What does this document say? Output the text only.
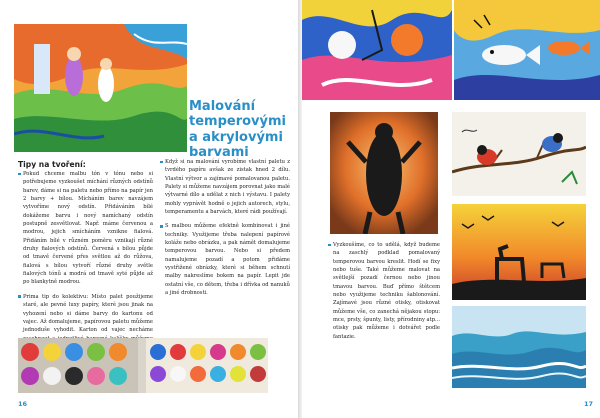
Malování
temperovými
a akrylovými
barvami
Tipy na tvoření:

Pokud chceme malbu tón v tónu nebo si potřebujeme vyzkoušet míchání různých odstínů barev, dáme si na paletu nebo přímo na papír jen 2 barvy + bílou. Mícháním barev navzájem vytvoříme nový odstín. Přidáváním bílé dokážeme barvu i nový namíchaný odstín postupně zesvětlovat. Např. máme červenou a modrou, jejich smícháním vznikne fialová. Přidáním bílé v různém poměru vznikají různé druhy fialových odstínů. Červená s bílou půjde od tmavě červené přes světlou až do růžova, fialová s bílou vytvoří různé druhy světle fialových tónů a modrá od tmavě syté půjde až po blankytně modrou.

Prima tip do kolektivu: Místo palet použijeme staré, ale pevné luxy papíry, které jsou jinak na vyhození nebo si dáme barvy do kartonu od vajec. Až domalujeme, papírovou paletu můžeme jednoduše vyhodit. Karton od vajec necháme

Když si na malování vyrobíme vlastní paletu z tvrdého papíru avšak ze zistak hned 2 dílu. Vlastní výtvor a zajímavé pomalovanou paletu. Palety si můžeme navzájem porovnat jako malé výtvarné dílo a udělat z nich i výstavu. I palety mohly vyprávět hodně o jejich autorech, stylu, temperamentu a barvách, které rádi používají.

S malbou můžeme efektně kombinovat i jiné techniky. Využijeme třeba nalepení papírové koláže nebo obrázku, a pak námět domalujeme temperovou barvou. Nebo si předem namalujeme pozadí a potom přidáme vystřižené obrázky, které si během schnutí malby nakreslíme bokem na papír. Lepit jde ostatní vše, co dětem, třeba i dřívka od nanuků a jiné drobnosti.

16

Vyzkoušíme, co to udělá, když budeme na zaschlý podklad pomalovaný temperovou barvou kreslit. Hodí se fixy nebo tuše. Také můžeme malovat na světlejší pozadí černou nebo jinou tmavou barvou. Buď přímo štětcem nebo využijeme techniku šablonování. Zajímavé jsou různé otisky, otiskovat můžeme vše, co zanechá nějakou stopu: mce, prsty, špunty, listy, přírodniny atp... otisky pak můžeme i dotvářet podle fantazie.

17
